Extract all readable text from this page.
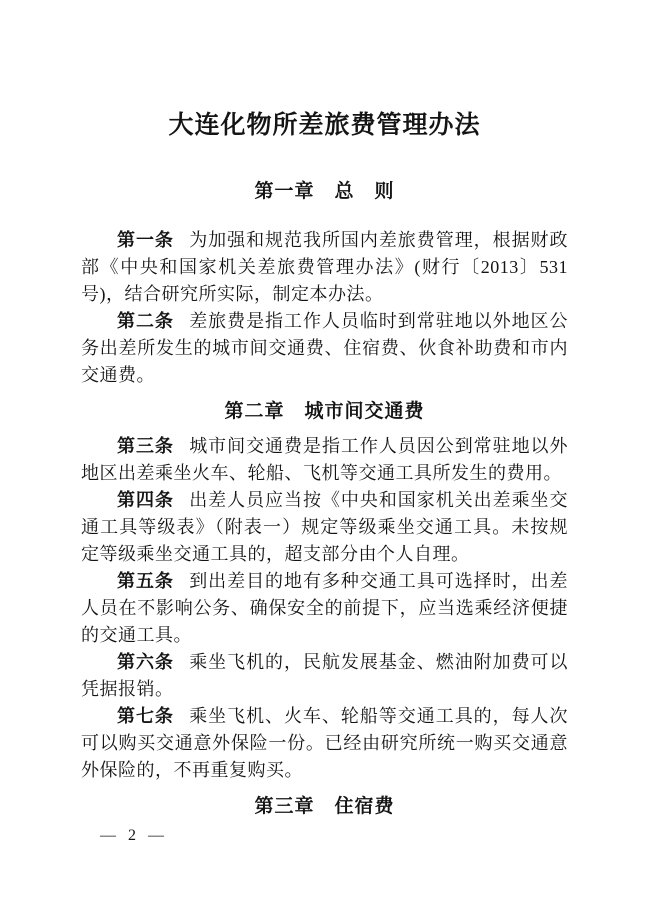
大连化物所差旅费管理办法
第一章　总　则

第一条 为加强和规范我所国内差旅费管理，根据财政部《中央和国家机关差旅费管理办法》(财行〔2013〕531 号)，结合研究所实际，制定本办法。

第二条 差旅费是指工作人员临时到常驻地以外地区公务出差所发生的城市间交通费、住宿费、伙食补助费和市内交通费。

第二章　城市间交通费

第三条 城市间交通费是指工作人员因公到常驻地以外地区出差乘坐火车、轮船、飞机等交通工具所发生的费用。

第四条 出差人员应当按《中央和国家机关出差乘坐交通工具等级表》（附表一）规定等级乘坐交通工具。未按规定等级乘坐交通工具的，超支部分由个人自理。

第五条 到出差目的地有多种交通工具可选择时，出差人员在不影响公务、确保安全的前提下，应当选乘经济便捷的交通工具。

第六条 乘坐飞机的，民航发展基金、燃油附加费可以凭据报销。

第七条 乘坐飞机、火车、轮船等交通工具的，每人次可以购买交通意外保险一份。已经由研究所统一购买交通意外保险的，不再重复购买。

第三章　住宿费
— 2 —
